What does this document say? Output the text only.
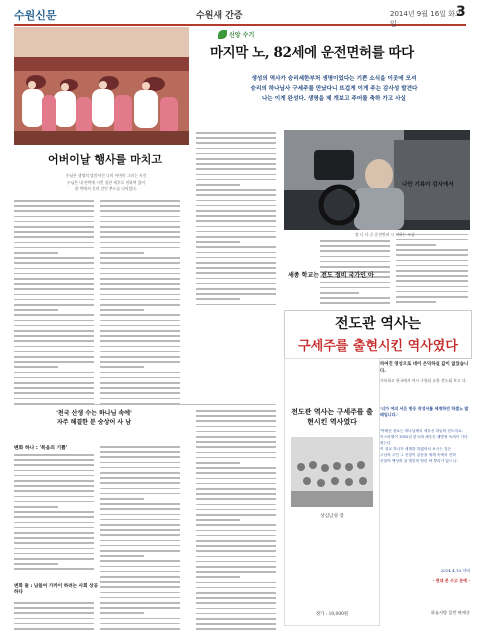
수원신문	수원새 간증	2014년 9월 16일 화요일
3
신앙 수기
마지막 노, 82세에 운전면허를 따다
생성의 역사가 승리세한부처 생명이었다는 기쁜 소식을 이곳에 모셔
승리의 하나님사 구세주를 만났다니 뜨겁게 이게 주는 감사성 발견다
나는 이게 완성다. 생명을 제 개보고 주어를 축하 가고 사실
어버이날 행사를 마치고
주님은 생명의 말씀이신 나의 어버이 그러는 사건
우님은 내 연역에 시킨 성한 세후로 전하여 있어
한 박에서 신의 건인 추도를 나어있다.
탈 다 다 곧 운전면허 시 적하는 모습
세종 학교는 전도 정비 국가인 아
나만 기록이 감사에서
전도관 역사는
구세주를 출현시킨 역사였다
전도관 역사는 구세주를 출현시킨 역사였다
상심남성 장
정가 : 10,000원
하여진 영성으로 네어 은덕하실 값이 없었습니다.
거룩하고 한국에서 아시 구원과 유한 전도회 보고 다.
'너가 여의 서은 방응 작성서를 세계하얀 하겠노 발래입니다.'
'박태선 장로는 하나님께서 세우신 하늘의 전도자요,
이스라엘이 1955년 한국에 세우신 재발정 독려이 기다렸는다
이 설교 하나가 세계를 하겠어서 보시는 것은
주님의 주인 그 신앙이 같음을 세계 속에서 전하
신앙의 백성의 참 열망의 영한 바 뿌리가 있으니.'
2014.4.10.저녁
- 현대 본 수고 문예 -
하늘서방 일반 판매중
'천국 산생 수는 하나님 속에'
자주 해결한 분 숭상어 사 남
변화 하나 : '복음의 기쁨'
변화 둘 : 남들어 가까이 하려는 사회 상공하다
